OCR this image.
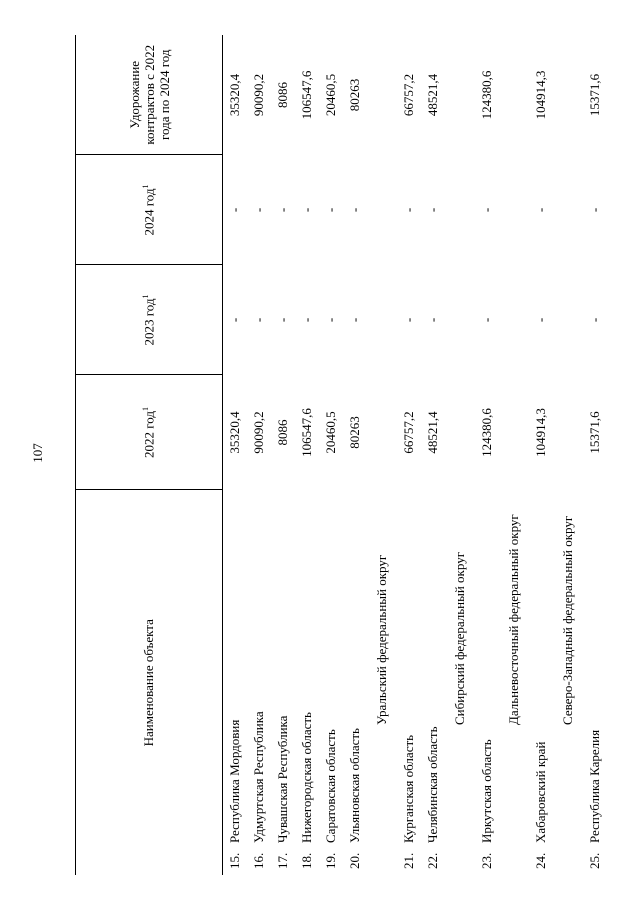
107
Наименование объекта	2022 год$^1$	2023 год$^1$	2024 год$^1$	Удорожание контрактов с 2022 года по 2024 год
15.Республика Мордовия	35320,4	-	-	35320,4
16.Удмуртская Республика	90090,2	-	-	90090,2
17.Чувашская Республика	8086	-	-	8086
18.Нижегородская область	106547,6	-	-	106547,6
19.Саратовская область	20460,5	-	-	20460,5
20.Ульяновская область	80263	-	-	80263
Уральский федеральный округ				
21.Курганская область	66757,2	-	-	66757,2
22.Челябинская область	48521,4	-	-	48521,4
Сибирский федеральный округ				
23.Иркутская область	124380,6	-	-	124380,6
Дальневосточный федеральный округ				
24.Хабаровский край	104914,3	-	-	104914,3
Северо-Западный федеральный округ				
25.Республика Карелия	15371,6	-	-	15371,6
